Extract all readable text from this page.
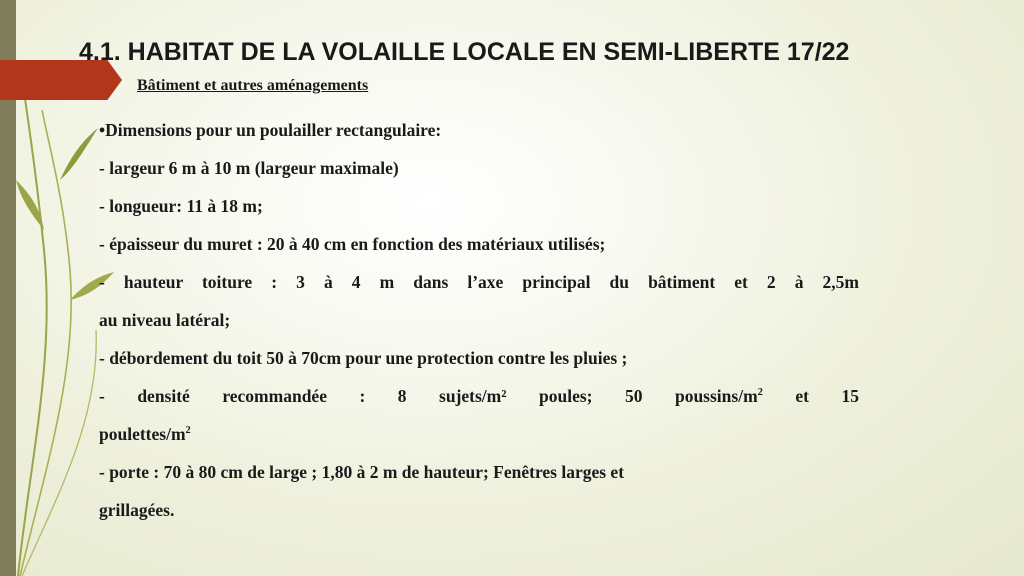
4.1. HABITAT DE LA VOLAILLE LOCALE EN SEMI-LIBERTE 17/22

Bâtiment et autres aménagements

•Dimensions pour un poulailler rectangulaire:

- largeur 6 m à 10 m (largeur maximale)

- longueur: 11 à 18 m;

- épaisseur du muret : 20 à 40 cm en fonction des matériaux utilisés;

- hauteur toiture : 3 à 4 m dans l’axe principal du bâtiment et 2 à 2,5m

au niveau latéral;

- débordement du toit 50 à 70cm pour une protection contre les pluies ;

- densité recommandée : 8 sujets/m² poules; 50 poussins/$m^2$ et 15

poulettes/$m^2$

- porte : 70 à 80 cm de large ; 1,80 à 2 m de hauteur; Fenêtres larges et

grillagées.
